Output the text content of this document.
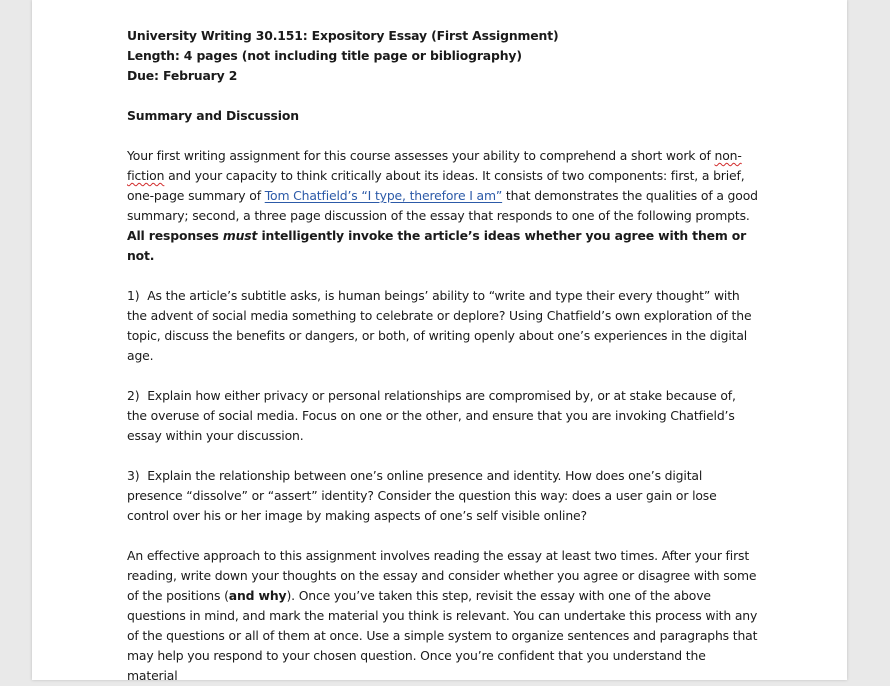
University Writing 30.151: Expository Essay (First Assignment)

Length: 4 pages (not including title page or bibliography)

Due: February 2

Summary and Discussion

Your first writing assignment for this course assesses your ability to comprehend a short work of non-fiction and your capacity to think critically about its ideas. It consists of two components: first, a brief, one-page summary of Tom Chatfield’s “I type, therefore I am” that demonstrates the qualities of a good summary; second, a three page discussion of the essay that responds to one of the following prompts. All responses must intelligently invoke the article’s ideas whether you agree with them or not.

1) As the article’s subtitle asks, is human beings’ ability to “write and type their every thought” with the advent of social media something to celebrate or deplore? Using Chatfield’s own exploration of the topic, discuss the benefits or dangers, or both, of writing openly about one’s experiences in the digital age.

2) Explain how either privacy or personal relationships are compromised by, or at stake because of, the overuse of social media. Focus on one or the other, and ensure that you are invoking Chatfield’s essay within your discussion.

3) Explain the relationship between one’s online presence and identity. How does one’s digital presence “dissolve” or “assert” identity? Consider the question this way: does a user gain or lose control over his or her image by making aspects of one’s self visible online?

An effective approach to this assignment involves reading the essay at least two times. After your first reading, write down your thoughts on the essay and consider whether you agree or disagree with some of the positions (and why). Once you’ve taken this step, revisit the essay with one of the above questions in mind, and mark the material you think is relevant. You can undertake this process with any of the questions or all of them at once. Use a simple system to organize sentences and paragraphs that may help you respond to your chosen question. Once you’re confident that you understand the material
